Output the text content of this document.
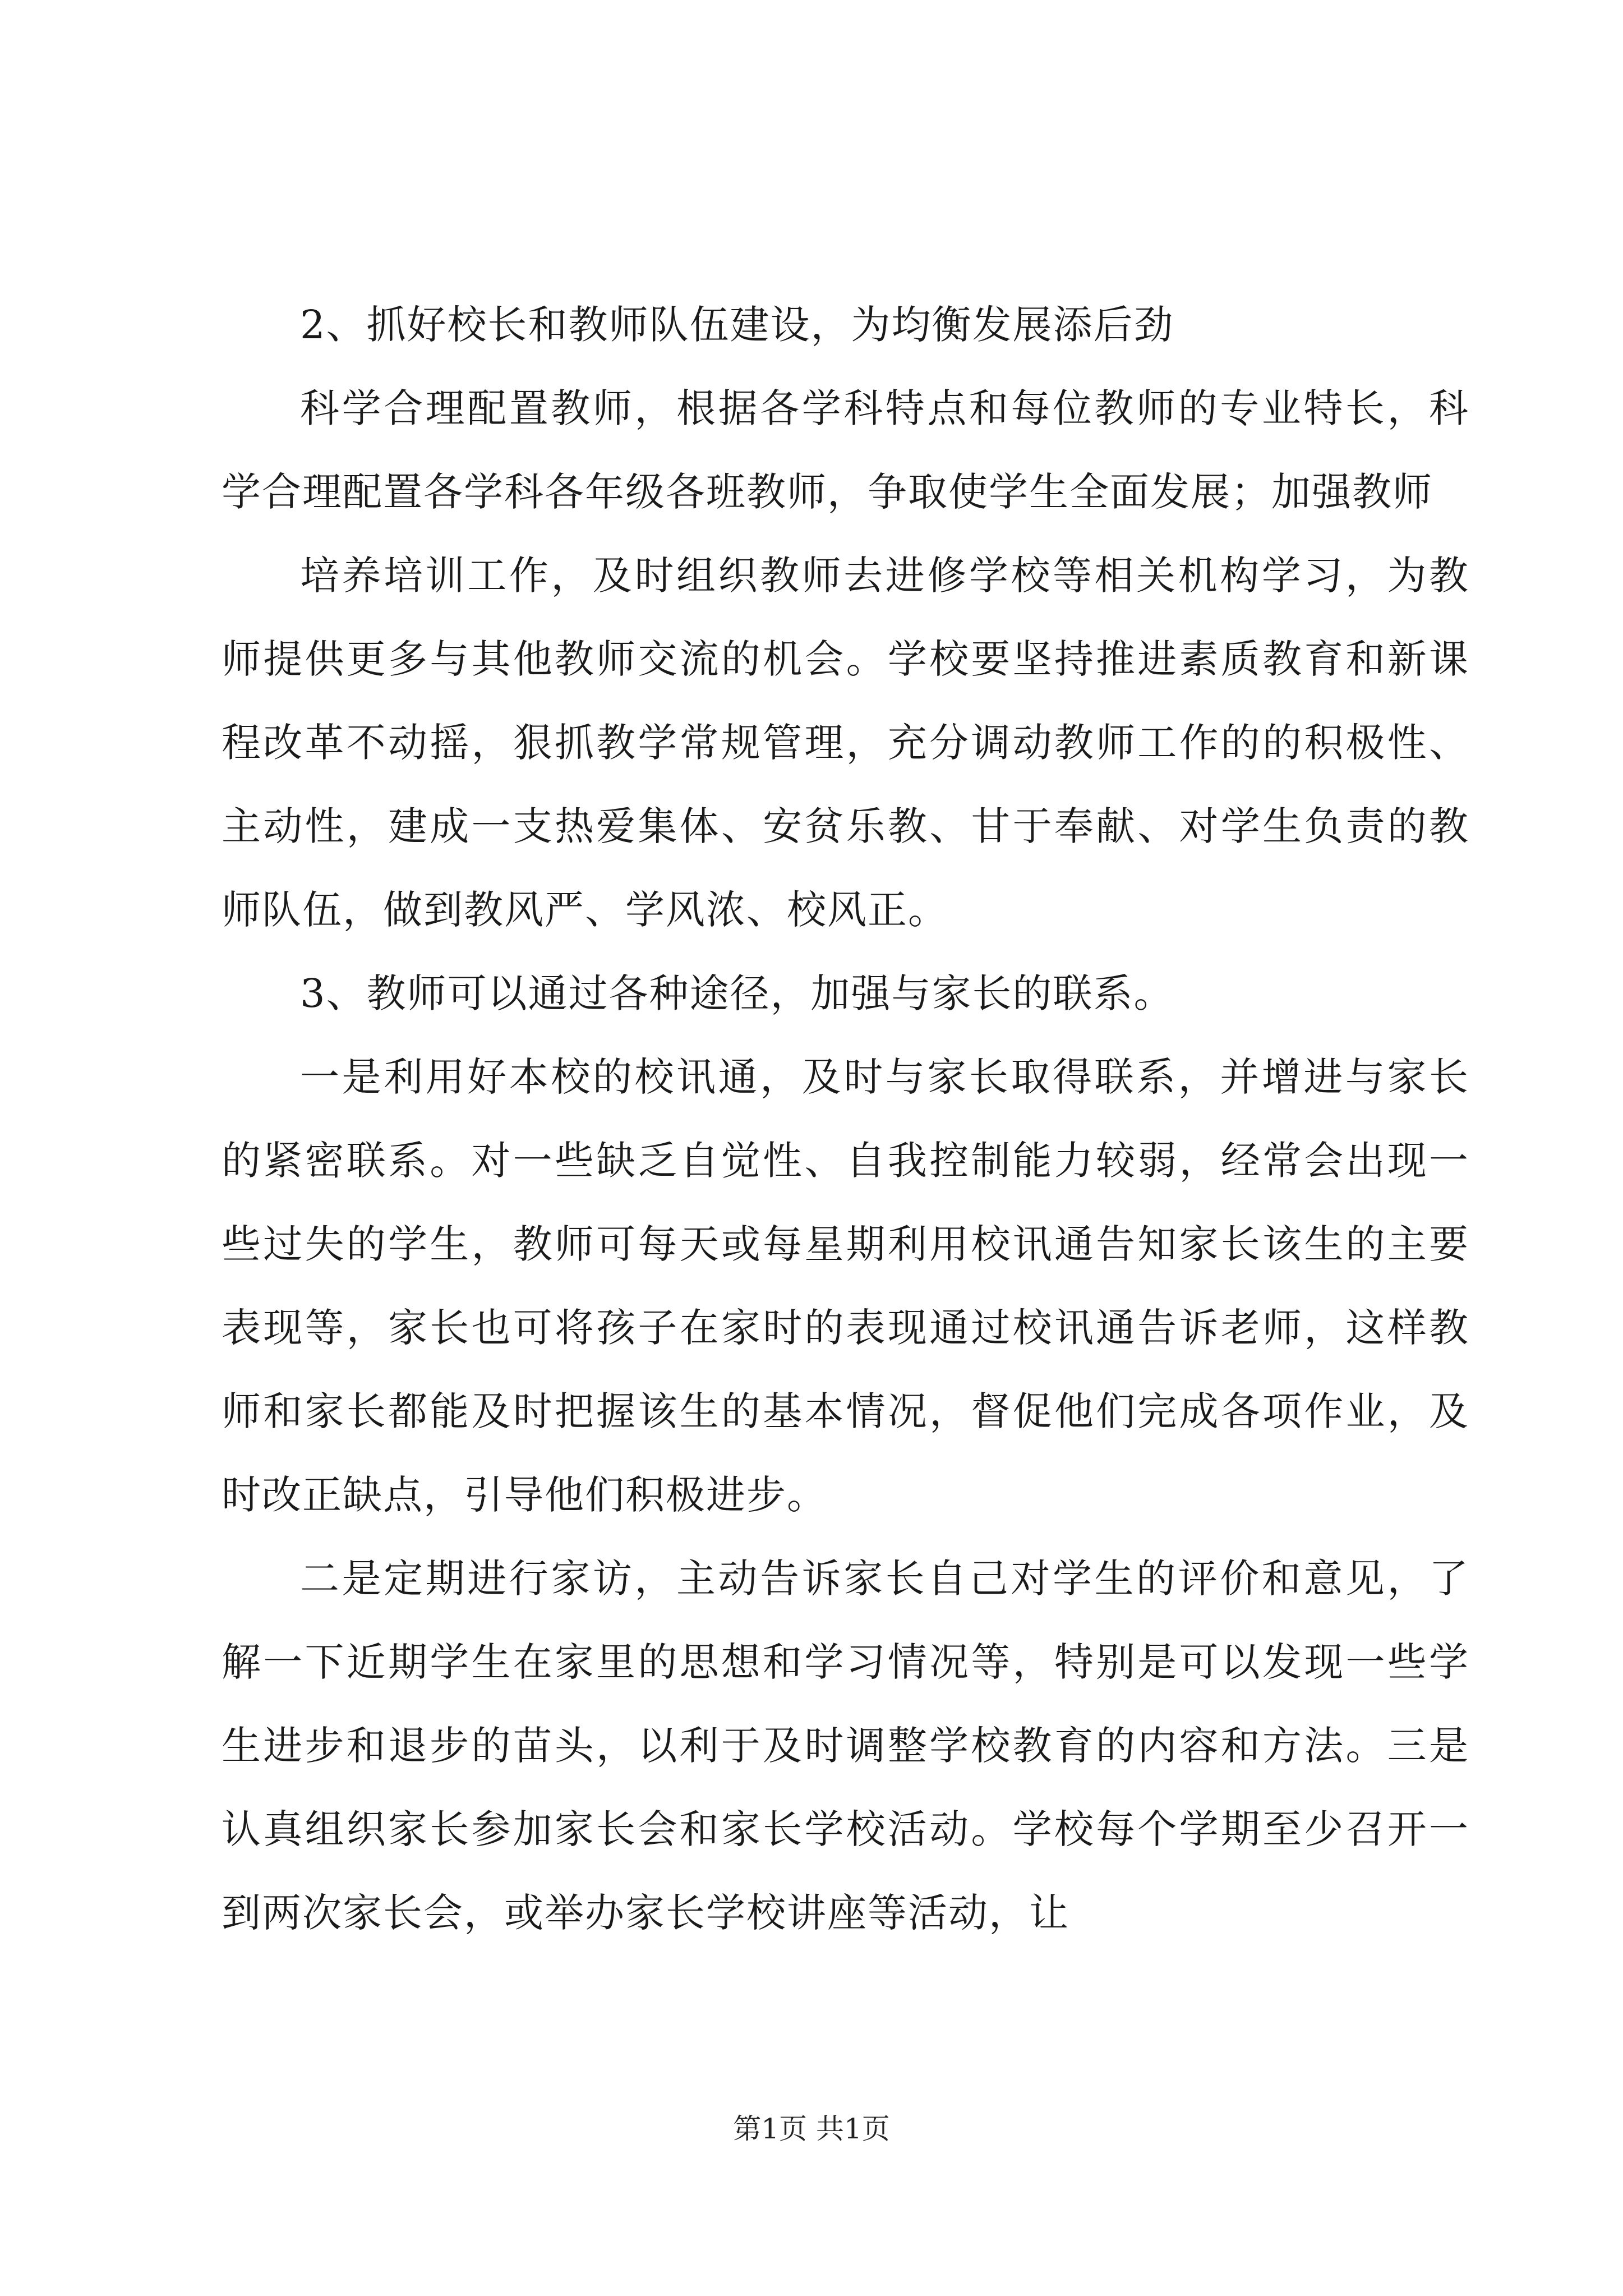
2、抓好校长和教师队伍建设，为均衡发展添后劲

科学合理配置教师，根据各学科特点和每位教师的专业特长，科学合理配置各学科各年级各班教师，争取使学生全面发展；加强教师

培养培训工作，及时组织教师去进修学校等相关机构学习，为教师提供更多与其他教师交流的机会。学校要坚持推进素质教育和新课程改革不动摇，狠抓教学常规管理，充分调动教师工作的的积极性、主动性，建成一支热爱集体、安贫乐教、甘于奉献、对学生负责的教师队伍，做到教风严、学风浓、校风正。

3、教师可以通过各种途径，加强与家长的联系。

一是利用好本校的校讯通，及时与家长取得联系，并增进与家长的紧密联系。对一些缺乏自觉性、自我控制能力较弱，经常会出现一些过失的学生，教师可每天或每星期利用校讯通告知家长该生的主要表现等，家长也可将孩子在家时的表现通过校讯通告诉老师，这样教师和家长都能及时把握该生的基本情况，督促他们完成各项作业，及时改正缺点，引导他们积极进步。

二是定期进行家访，主动告诉家长自己对学生的评价和意见，了解一下近期学生在家里的思想和学习情况等，特别是可以发现一些学生进步和退步的苗头，以利于及时调整学校教育的内容和方法。三是认真组织家长参加家长会和家长学校活动。学校每个学期至少召开一到两次家长会，或举办家长学校讲座等活动，让

第1页 共1页
